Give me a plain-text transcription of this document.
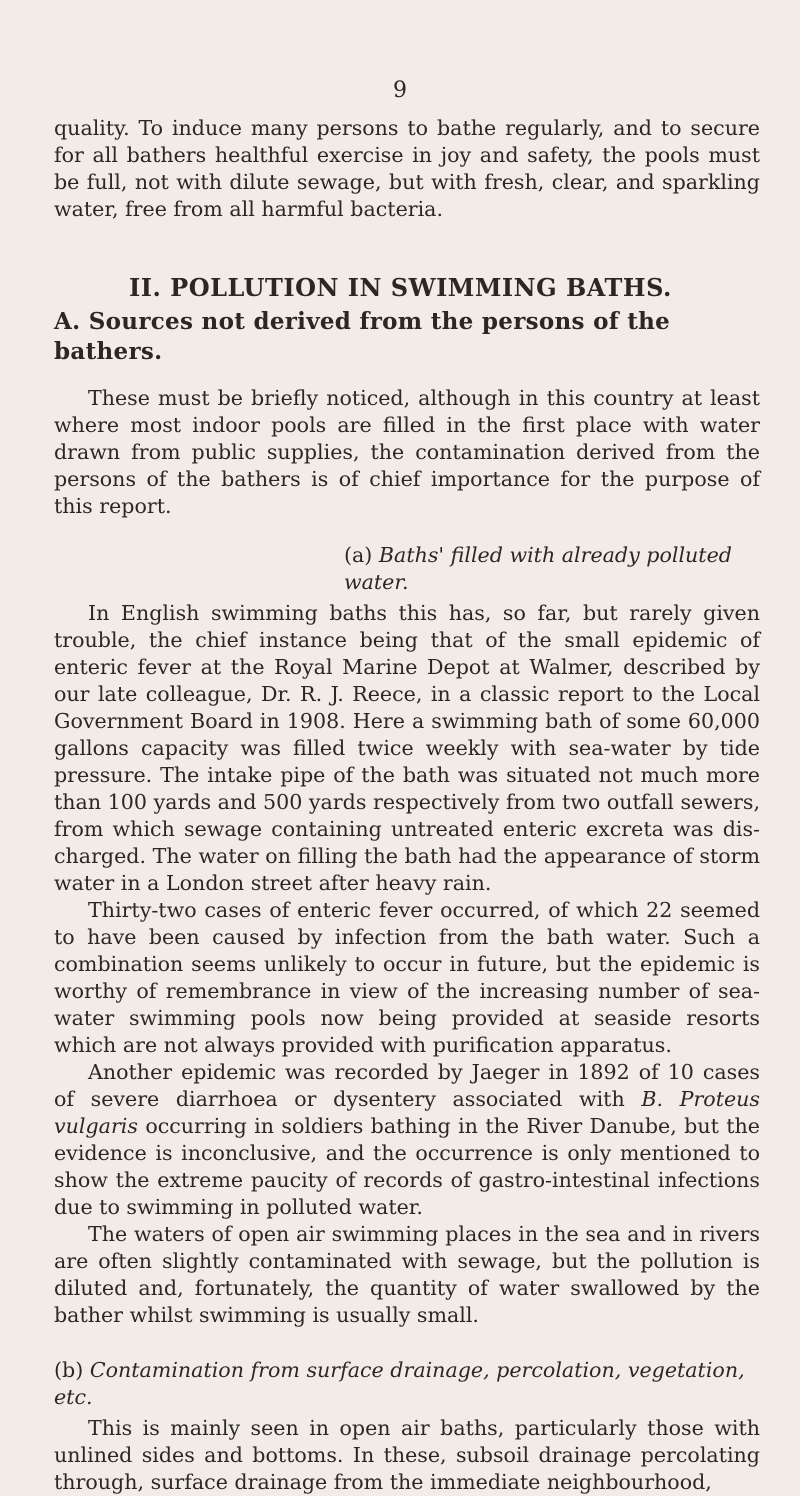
9

quality. To induce many persons to bathe regularly, and to secure for all bathers healthful exercise in joy and safety, the pools must be full, not with dilute sewage, but with fresh, clear, and sparkling water, free from all harmful bacteria.

II. POLLUTION IN SWIMMING BATHS.
A. Sources not derived from the persons of the bathers.

These must be briefly noticed, although in this country at least where most indoor pools are filled in the first place with water drawn from public supplies, the contamination derived from the persons of the bathers is of chief importance for the purpose of this report.

(a) Baths' filled with already polluted water.

In English swimming baths this has, so far, but rarely given trouble, the chief instance being that of the small epidemic of enteric fever at the Royal Marine Depot at Walmer, described by our late colleague, Dr. R. J. Reece, in a classic report to the Local Government Board in 1908. Here a swimming bath of some 60,000 gallons capacity was filled twice weekly with sea-water by tide pressure. The intake pipe of the bath was situated not much more than 100 yards and 500 yards respectively from two outfall sewers, from which sewage containing untreated enteric excreta was dis-charged. The water on filling the bath had the appearance of storm water in a London street after heavy rain.

Thirty-two cases of enteric fever occurred, of which 22 seemed to have been caused by infection from the bath water. Such a combination seems unlikely to occur in future, but the epidemic is worthy of remembrance in view of the increasing number of sea-water swimming pools now being provided at seaside resorts which are not always provided with purification apparatus.

Another epidemic was recorded by Jaeger in 1892 of 10 cases of severe diarrhoea or dysentery associated with B. Proteus vulgaris occurring in soldiers bathing in the River Danube, but the evidence is inconclusive, and the occurrence is only mentioned to show the extreme paucity of records of gastro-intestinal infections due to swimming in polluted water.

The waters of open air swimming places in the sea and in rivers are often slightly contaminated with sewage, but the pollution is diluted and, fortunately, the quantity of water swallowed by the bather whilst swimming is usually small.

(b) Contamination from surface drainage, percolation, vegetation, etc.

This is mainly seen in open air baths, particularly those with unlined sides and bottoms. In these, subsoil drainage percolating through, surface drainage from the immediate neighbourhood,
